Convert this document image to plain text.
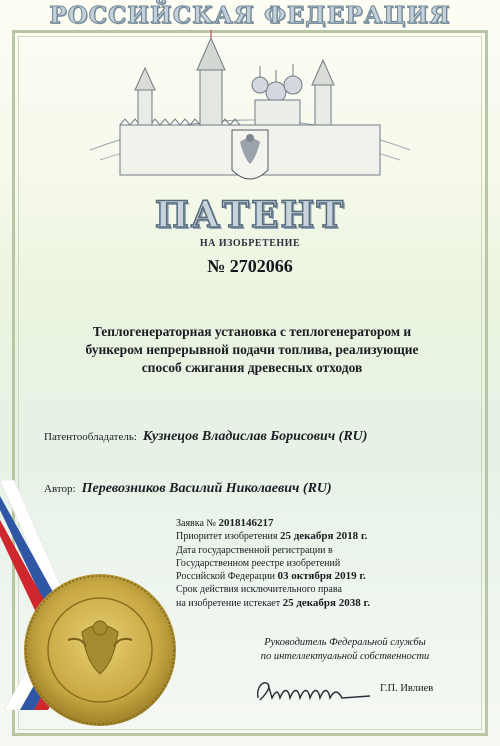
РОССИЙСКАЯ ФЕДЕРАЦИЯ
ПАТЕНТ
НА ИЗОБРЕТЕНИЕ
№ 2702066
Теплогенераторная установка с теплогенератором и
бункером непрерывной подачи топлива, реализующие
способ сжигания древесных отходов
Патентообладатель: Кузнецов Владислав Борисович (RU)
Автор: Перевозников Василий Николаевич (RU)
Заявка № 2018146217
Приоритет изобретения 25 декабря 2018 г.
Дата государственной регистрации в
Государственном реестре изобретений
Российской Федерации 03 октября 2019 г.
Срок действия исключительного права
на изобретение истекает 25 декабря 2038 г.
Руководитель Федеральной службы
по интеллектуальной собственности
Г.П. Ивлиев
